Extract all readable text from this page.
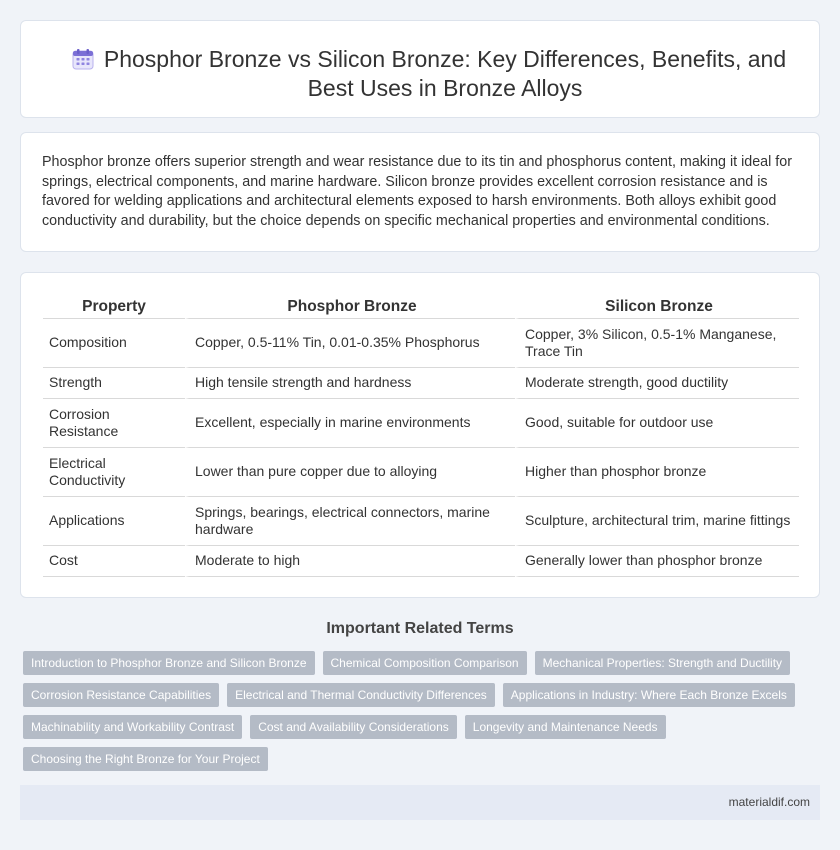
Phosphor Bronze vs Silicon Bronze: Key Differences, Benefits, and Best Uses in Bronze Alloys

Phosphor bronze offers superior strength and wear resistance due to its tin and phosphorus content, making it ideal for springs, electrical components, and marine hardware. Silicon bronze provides excellent corrosion resistance and is favored for welding applications and architectural elements exposed to harsh environments. Both alloys exhibit good conductivity and durability, but the choice depends on specific mechanical properties and environmental conditions.

Property	Phosphor Bronze	Silicon Bronze
Composition	Copper, 0.5-11% Tin, 0.01-0.35% Phosphorus	Copper, 3% Silicon, 0.5-1% Manganese, Trace Tin
Strength	High tensile strength and hardness	Moderate strength, good ductility
Corrosion Resistance	Excellent, especially in marine environments	Good, suitable for outdoor use
Electrical Conductivity	Lower than pure copper due to alloying	Higher than phosphor bronze
Applications	Springs, bearings, electrical connectors, marine hardware	Sculpture, architectural trim, marine fittings
Cost	Moderate to high	Generally lower than phosphor bronze
Important Related Terms
Introduction to Phosphor Bronze and Silicon Bronze	Chemical Composition Comparison	Mechanical Properties: Strength and Ductility
Corrosion Resistance Capabilities	Electrical and Thermal Conductivity Differences	Applications in Industry: Where Each Bronze Excels
Machinability and Workability Contrast	Cost and Availability Considerations	Longevity and Maintenance Needs
Choosing the Right Bronze for Your Project
materialdif.com
